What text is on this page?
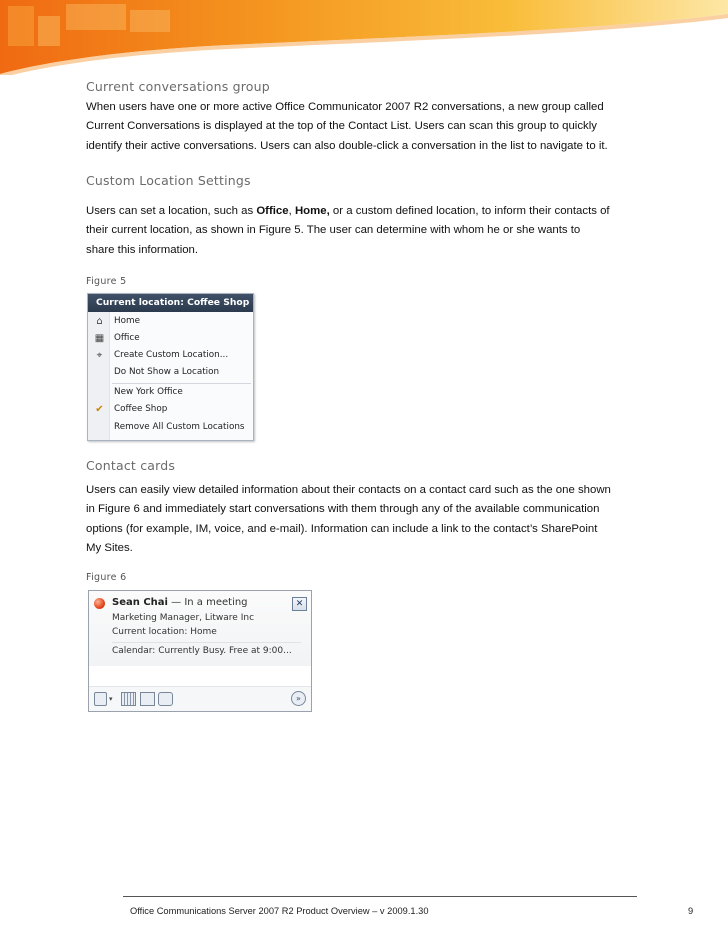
Current conversations group

When users have one or more active Office Communicator 2007 R2 conversations, a new group called
Current Conversations is displayed at the top of the Contact List. Users can scan this group to quickly
identify their active conversations. Users can also double-click a conversation in the list to navigate to it.

Custom Location Settings

Users can set a location, such as Office, Home, or a custom defined location, to inform their contacts of
their current location, as shown in Figure 5. The user can determine with whom he or she wants to
share this information.

Figure 5

Current location: Coffee Shop
⌂ Home
▦ Office
⌖	Create Custom Location...
Do Not Show a Location
New York Office
✔ Coffee Shop
Remove All Custom Locations
Contact cards

Users can easily view detailed information about their contacts on a contact card such as the one shown
in Figure 6 and immediately start conversations with them through any of the available communication
options (for example, IM, voice, and e-mail). Information can include a link to the contact’s SharePoint
My Sites.

Figure 6

Sean Chai — In a meeting	✕
Marketing Manager, Litware Inc
Current location: Home
Calendar: Currently Busy. Free at 9:00...
▾	»

Office Communications Server 2007 R2 Product Overview – v 2009.1.30	9
